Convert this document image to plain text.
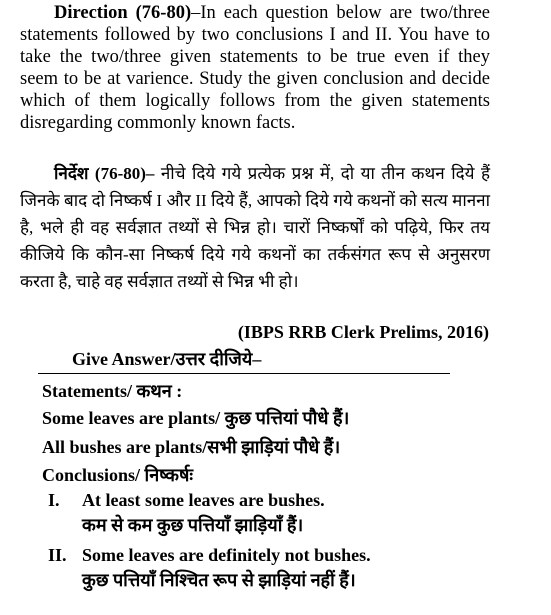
Direction (76-80)–In each question below are two/three statements followed by two conclusions I and II. You have to take the two/three given statements to be true even if they seem to be at varience. Study the given conclusion and decide which of them logically follows from the given statements disregarding commonly known facts.
निर्देश (76-80)– नीचे दिये गये प्रत्येक प्रश्न में, दो या तीन कथन दिये हैं जिनके बाद दो निष्कर्ष I और II दिये हैं, आपको दिये गये कथनों को सत्य मानना है, भले ही वह सर्वज्ञात तथ्यों से भिन्न हो। चारों निष्कर्षों को पढ़िये, फिर तय कीजिये कि कौन-सा निष्कर्ष दिये गये कथनों का तर्कसंगत रूप से अनुसरण करता है, चाहे वह सर्वज्ञात तथ्यों से भिन्न भी हो।
(IBPS RRB Clerk Prelims, 2016)
Give Answer/उत्तर दीजिये–
Statements/ कथन :
Some leaves are plants/ कुछ पत्तियां पौधे हैं।
All bushes are plants/सभी झाड़ियां पौधे हैं।
Conclusions/ निष्कर्षः
I. At least some leaves are bushes.
कम से कम कुछ पत्तियाँ झाड़ियाँ हैं।
II. Some leaves are definitely not bushes.
कुछ पत्तियाँ निश्चित रूप से झाड़ियां नहीं हैं।
